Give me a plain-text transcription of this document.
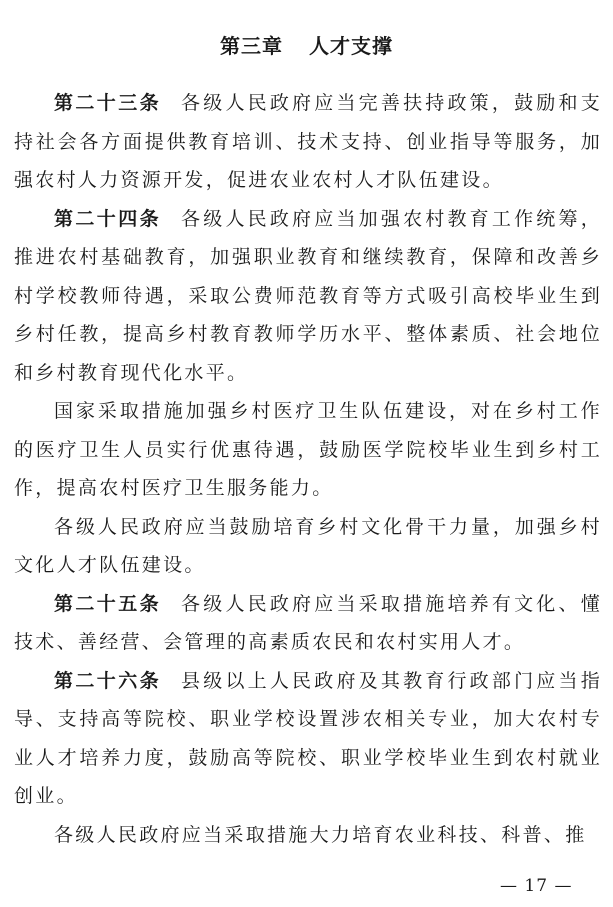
第三章 人才支撑

第二十三条 各级人民政府应当完善扶持政策，鼓励和支持社会各方面提供教育培训、技术支持、创业指导等服务，加强农村人力资源开发，促进农业农村人才队伍建设。

第二十四条 各级人民政府应当加强农村教育工作统筹，推进农村基础教育，加强职业教育和继续教育，保障和改善乡村学校教师待遇，采取公费师范教育等方式吸引高校毕业生到乡村任教，提高乡村教育教师学历水平、整体素质、社会地位和乡村教育现代化水平。

国家采取措施加强乡村医疗卫生队伍建设，对在乡村工作的医疗卫生人员实行优惠待遇，鼓励医学院校毕业生到乡村工作，提高农村医疗卫生服务能力。

各级人民政府应当鼓励培育乡村文化骨干力量，加强乡村文化人才队伍建设。

第二十五条 各级人民政府应当采取措施培养有文化、懂技术、善经营、会管理的高素质农民和农村实用人才。

第二十六条 县级以上人民政府及其教育行政部门应当指导、支持高等院校、职业学校设置涉农相关专业，加大农村专业人才培养力度，鼓励高等院校、职业学校毕业生到农村就业创业。

各级人民政府应当采取措施大力培育农业科技、科普、推

— 17 —
